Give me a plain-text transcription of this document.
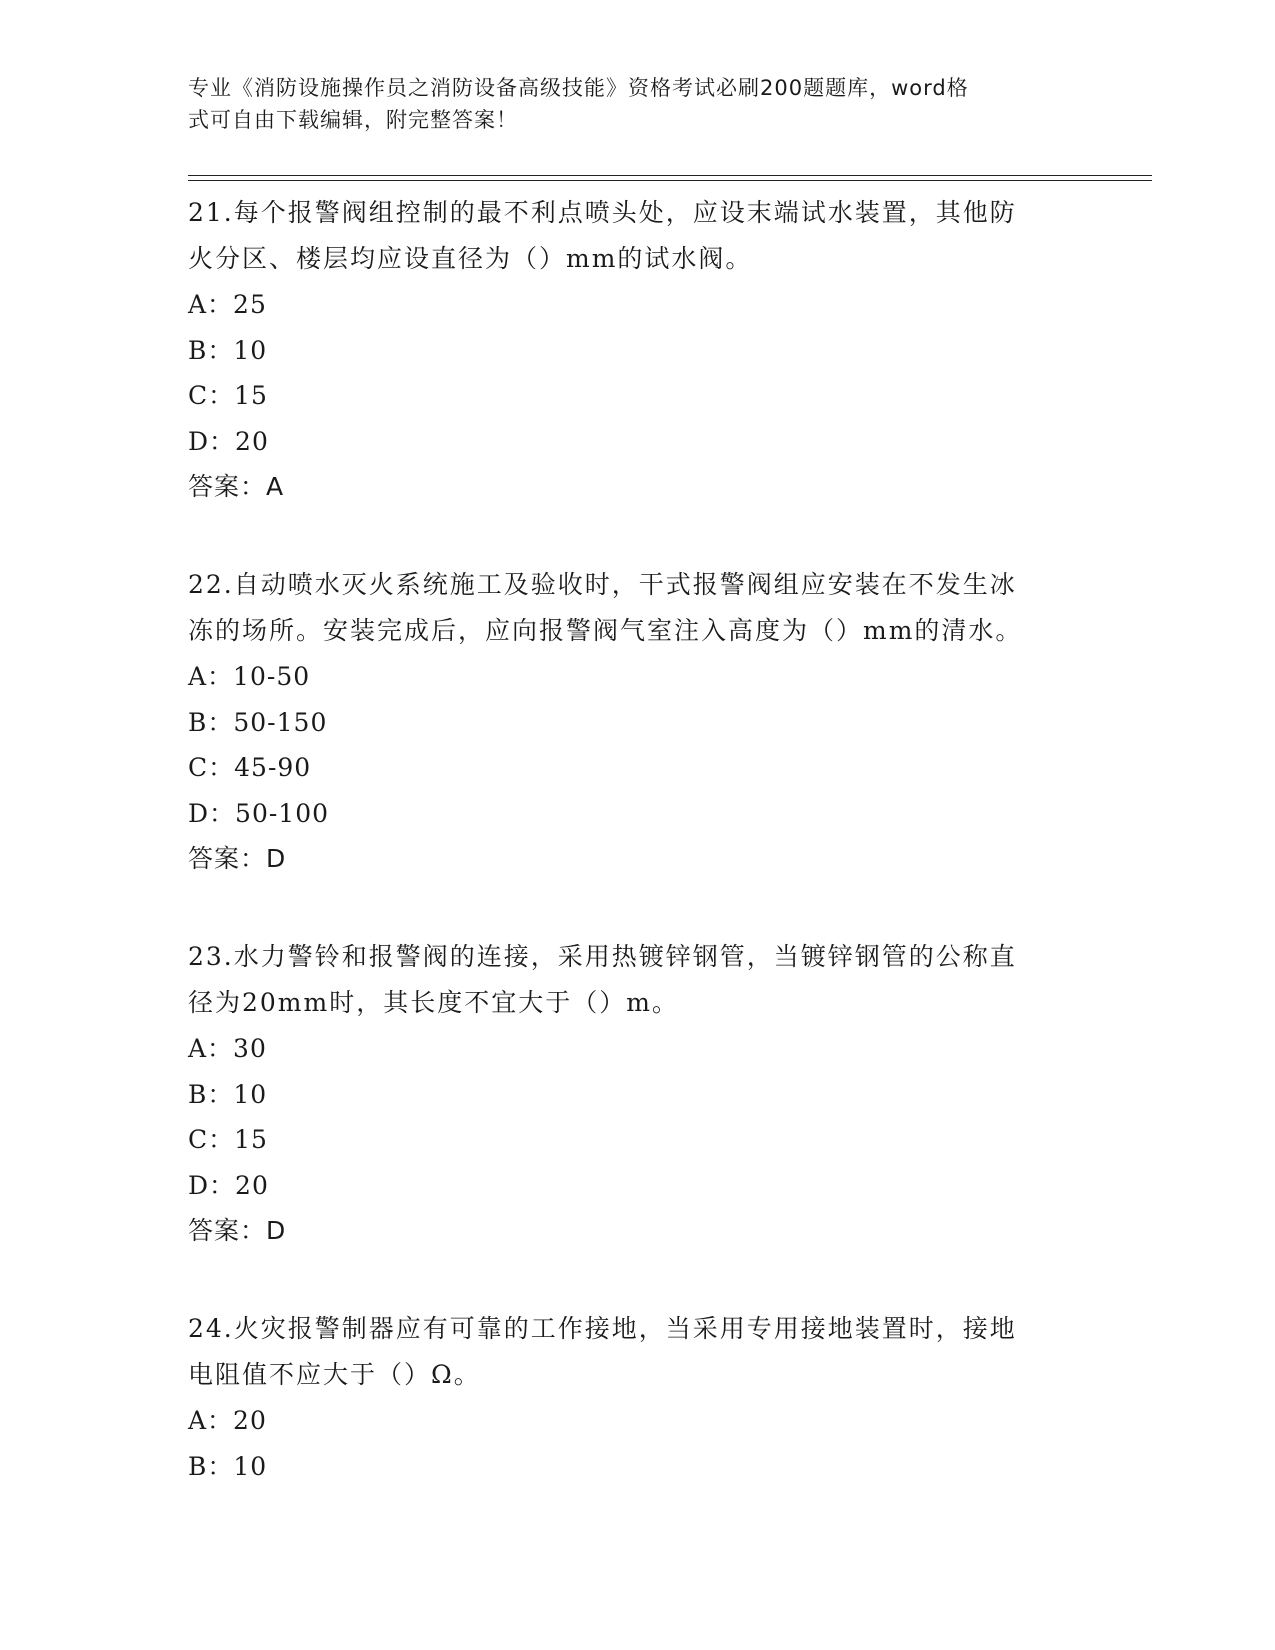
专业《消防设施操作员之消防设备高级技能》资格考试必刷200题题库，word格
式可自由下载编辑，附完整答案！
21.每个报警阀组控制的最不利点喷头处，应设末端试水装置，其他防
火分区、楼层均应设直径为（）mm的试水阀。
A：25
B：10
C：15
D：20
答案：A
22.自动喷水灭火系统施工及验收时，干式报警阀组应安装在不发生冰
冻的场所。安装完成后，应向报警阀气室注入高度为（）mm的清水。
A：10-50
B：50-150
C：45-90
D：50-100
答案：D
23.水力警铃和报警阀的连接，采用热镀锌钢管，当镀锌钢管的公称直
径为20mm时，其长度不宜大于（）m。
A：30
B：10
C：15
D：20
答案：D
24.火灾报警制器应有可靠的工作接地，当采用专用接地装置时，接地
电阻值不应大于（）Ω。
A：20
B：10
